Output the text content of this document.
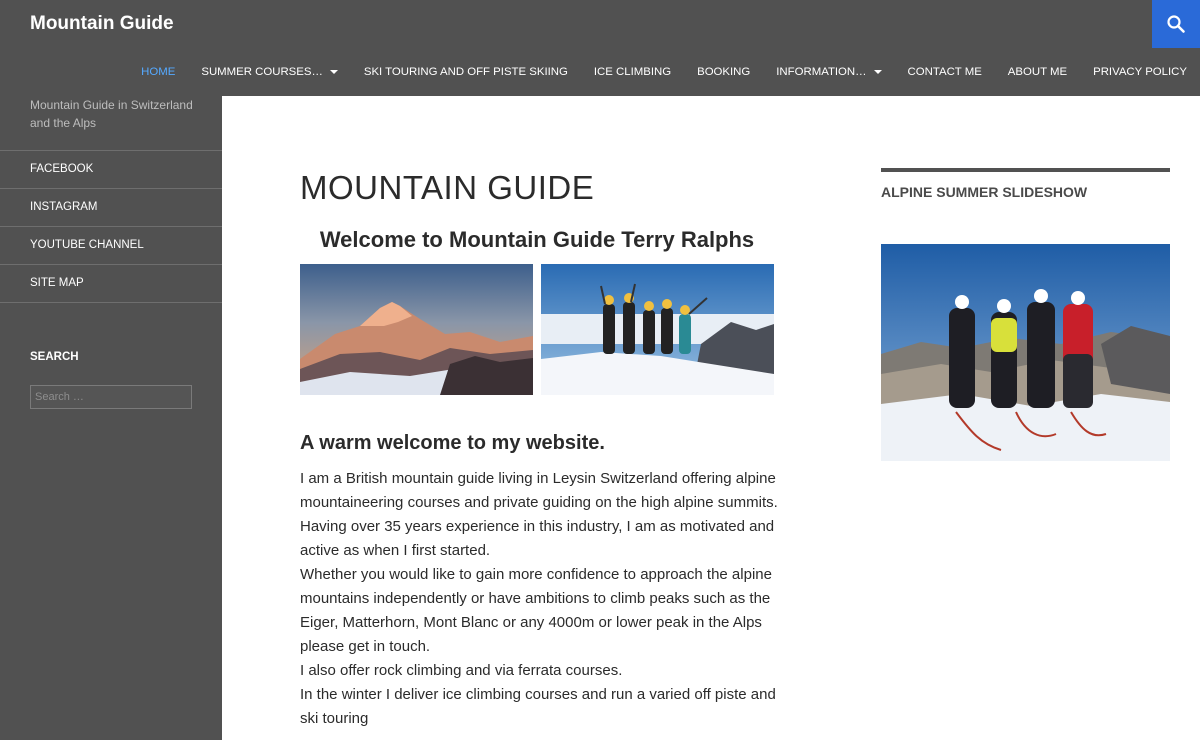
Mountain Guide
HOME SUMMER COURSES…	SKI TOURING AND OFF PISTE SKIING ICE CLIMBING BOOKING INFORMATION…	CONTACT ME ABOUT ME PRIVACY POLICY
Mountain Guide in Switzerland and the Alps
FACEBOOK
INSTAGRAM
YOUTUBE CHANNEL
SITE MAP
SEARCH
Search …
MOUNTAIN GUIDE
Welcome to Mountain Guide Terry Ralphs
A warm welcome to my website.

I am a British mountain guide living in Leysin Switzerland offering alpine mountaineering courses and private guiding on the high alpine summits.

Having over 35 years experience in this industry, I am as motivated and active as when I first started.

Whether you would like to gain more confidence to approach the alpine mountains independently or have ambitions to climb peaks such as the Eiger, Matterhorn, Mont Blanc or any 4000m or lower peak in the Alps please get in touch.

I also offer rock climbing and via ferrata courses.

In the winter I deliver ice climbing courses and run a varied off piste and ski touring

ALPINE SUMMER SLIDESHOW
